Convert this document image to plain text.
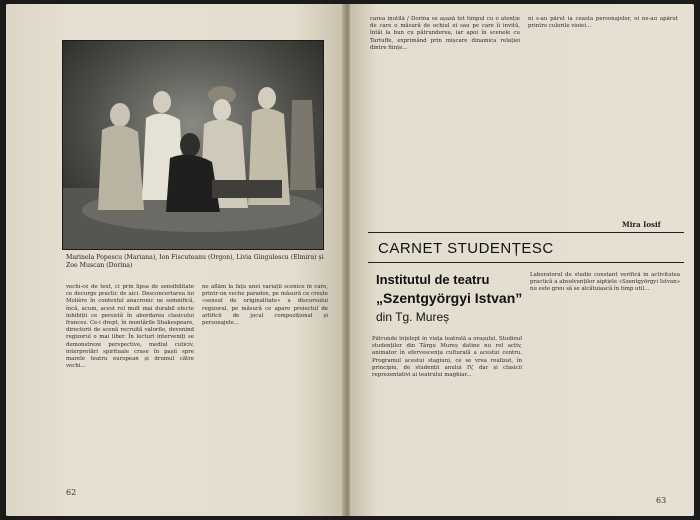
Marinela Popescu (Mariana), Ion Fiscuteanu (Orgon), Livia Gingulescu (Elmira) și Zoe Muscan (Dorina)
vechi-ce de text, ci prin lipsa de sensibilitate ce decurge practic de aici. Desconcertarea lui Molière în contextul anacronic ne semnifică, încă, acum, acest rol mult mai durabil efecte inhibiții ce persistă în abordarea clasicului francez. Ce-i drept, în montările Shakespeare, directorii de scenă recruită valorile, devenind regizorul o mai liber. În lecturi interveniți se demonstreze perspective, mediul cuticiv, interpretări spirituale crase în pașii spre marele teatru european și drumul către vechi...
ne aflăm la fața unei variații scenice în care, printr-un veche paradox, pe măsură ce crește «sensul de originalitate» a discursului regizoral, pe măsură ce apare proiectul de artificii de jocul compozițional și personajele...
62
carea inutilă / Dorina se așază tot timpul cu o atenție de care o măsură de ochiul ei sau pe care îi invită, întâi la bun cu pătrunderea, iar apoi în scenele cu Tartuffe, exprimând prin mișcare dinamica relației dintre ființe...
ni s-au părut ia ceasta personajelor, ei ne-au apărut printre culorile vioiei...
Mira Iosif
CARNET STUDENȚESC
Institutul de teatru
„Szentgyörgyi Istvan”
din Tg. Mureș
Pătrunde înțelept în viața teatrală a orașului, Studioul studenților din Târgu Mureș datine nu rol activ, animator în efervescența culturală a acestui centru. Programul acestui stagiuni, ce se vrea realizat, în principiu, de studenții anului IV, dar și clasicii reprezentativi ai teatrului maghiar...
Laboratorul de studio constant verifică în activitatea practică a absolvenților aiptiele «Szentgyörgyi Istvan» nu este greu să se alcătuiască în timp util...
63
